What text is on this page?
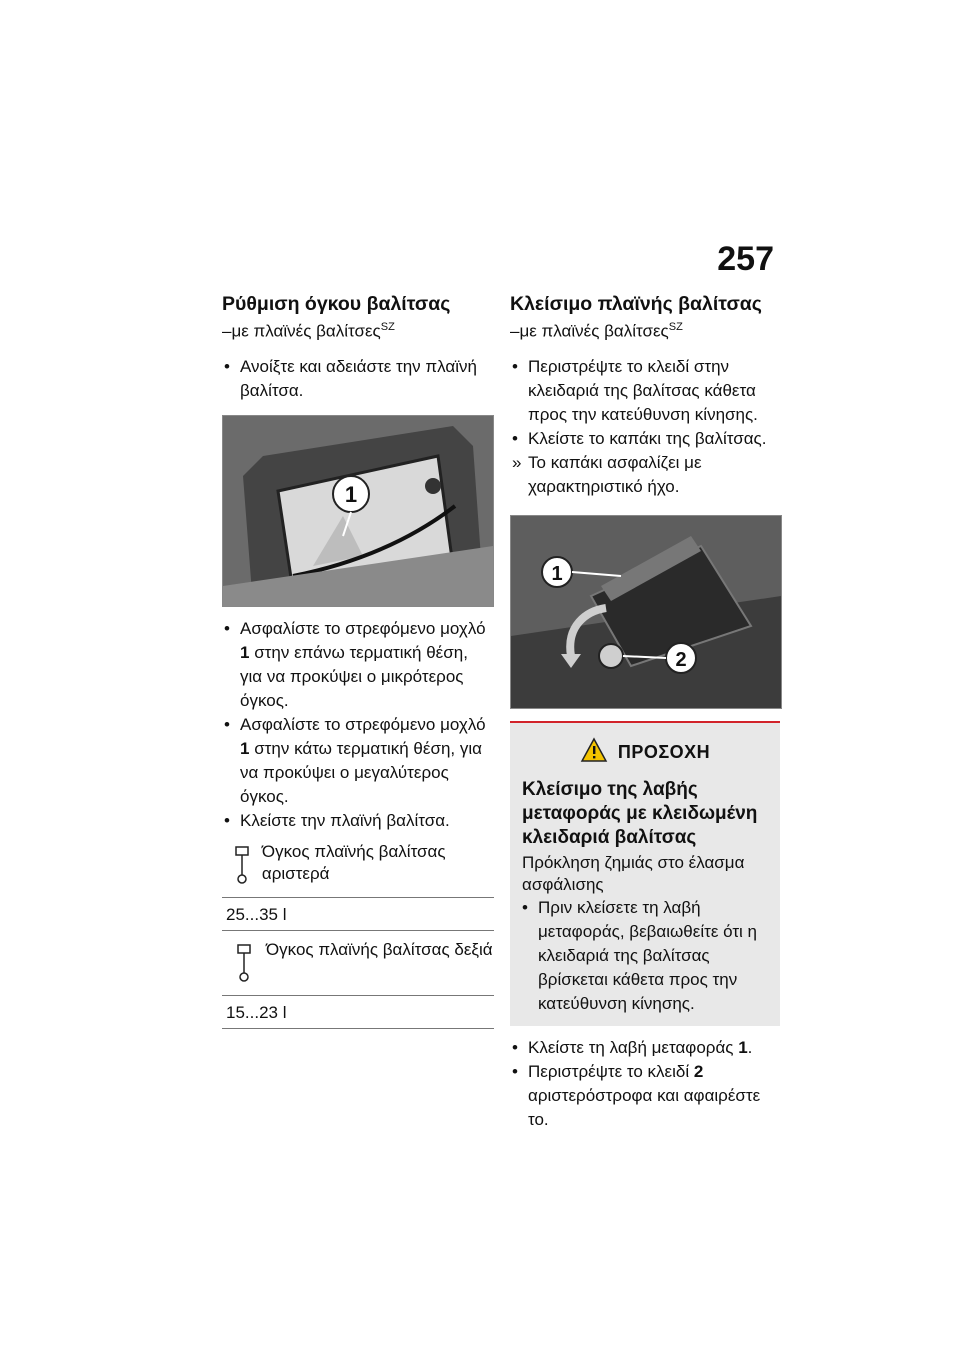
257
Ρύθμιση όγκου βαλίτσας
–με πλαϊνές βαλίτσες$^{SZ}$
• Ανοίξτε και αδειάστε την πλαϊνή βαλίτσα.
1
• Ασφαλίστε το στρεφόμενο μοχλό 1 στην επάνω τερματική θέση, για να προκύψει ο μικρότερος όγκος.
• Ασφαλίστε το στρεφόμενο μοχλό 1 στην κάτω τερματική θέση, για να προκύψει ο μεγαλύτερος όγκος.
• Κλείστε την πλαϊνή βαλίτσα.
Όγκος πλαϊνής βαλίτσας αριστερά
25...35 l
Όγκος πλαϊνής βαλίτσας δεξιά
15...23 l
Κλείσιμο πλαϊνής βαλίτσας
–με πλαϊνές βαλίτσες$^{SZ}$
• Περιστρέψτε το κλειδί στην κλειδαριά της βαλίτσας κάθετα προς την κατεύθυνση κίνησης.
• Κλείστε το καπάκι της βαλίτσας.
» Το καπάκι ασφαλίζει με χαρακτηριστικό ήχο.
1
2
ΠΡΟΣΟΧΗ
Κλείσιμο της λαβής μεταφοράς με κλειδωμένη κλειδαριά βαλίτσας
Πρόκληση ζημιάς στο έλασμα ασφάλισης
• Πριν κλείσετε τη λαβή μεταφοράς, βεβαιωθείτε ότι η κλειδαριά της βαλίτσας βρίσκεται κάθετα προς την κατεύθυνση κίνησης.
• Κλείστε τη λαβή μεταφοράς 1.
• Περιστρέψτε το κλειδί 2 αριστερόστροφα και αφαιρέστε το.
